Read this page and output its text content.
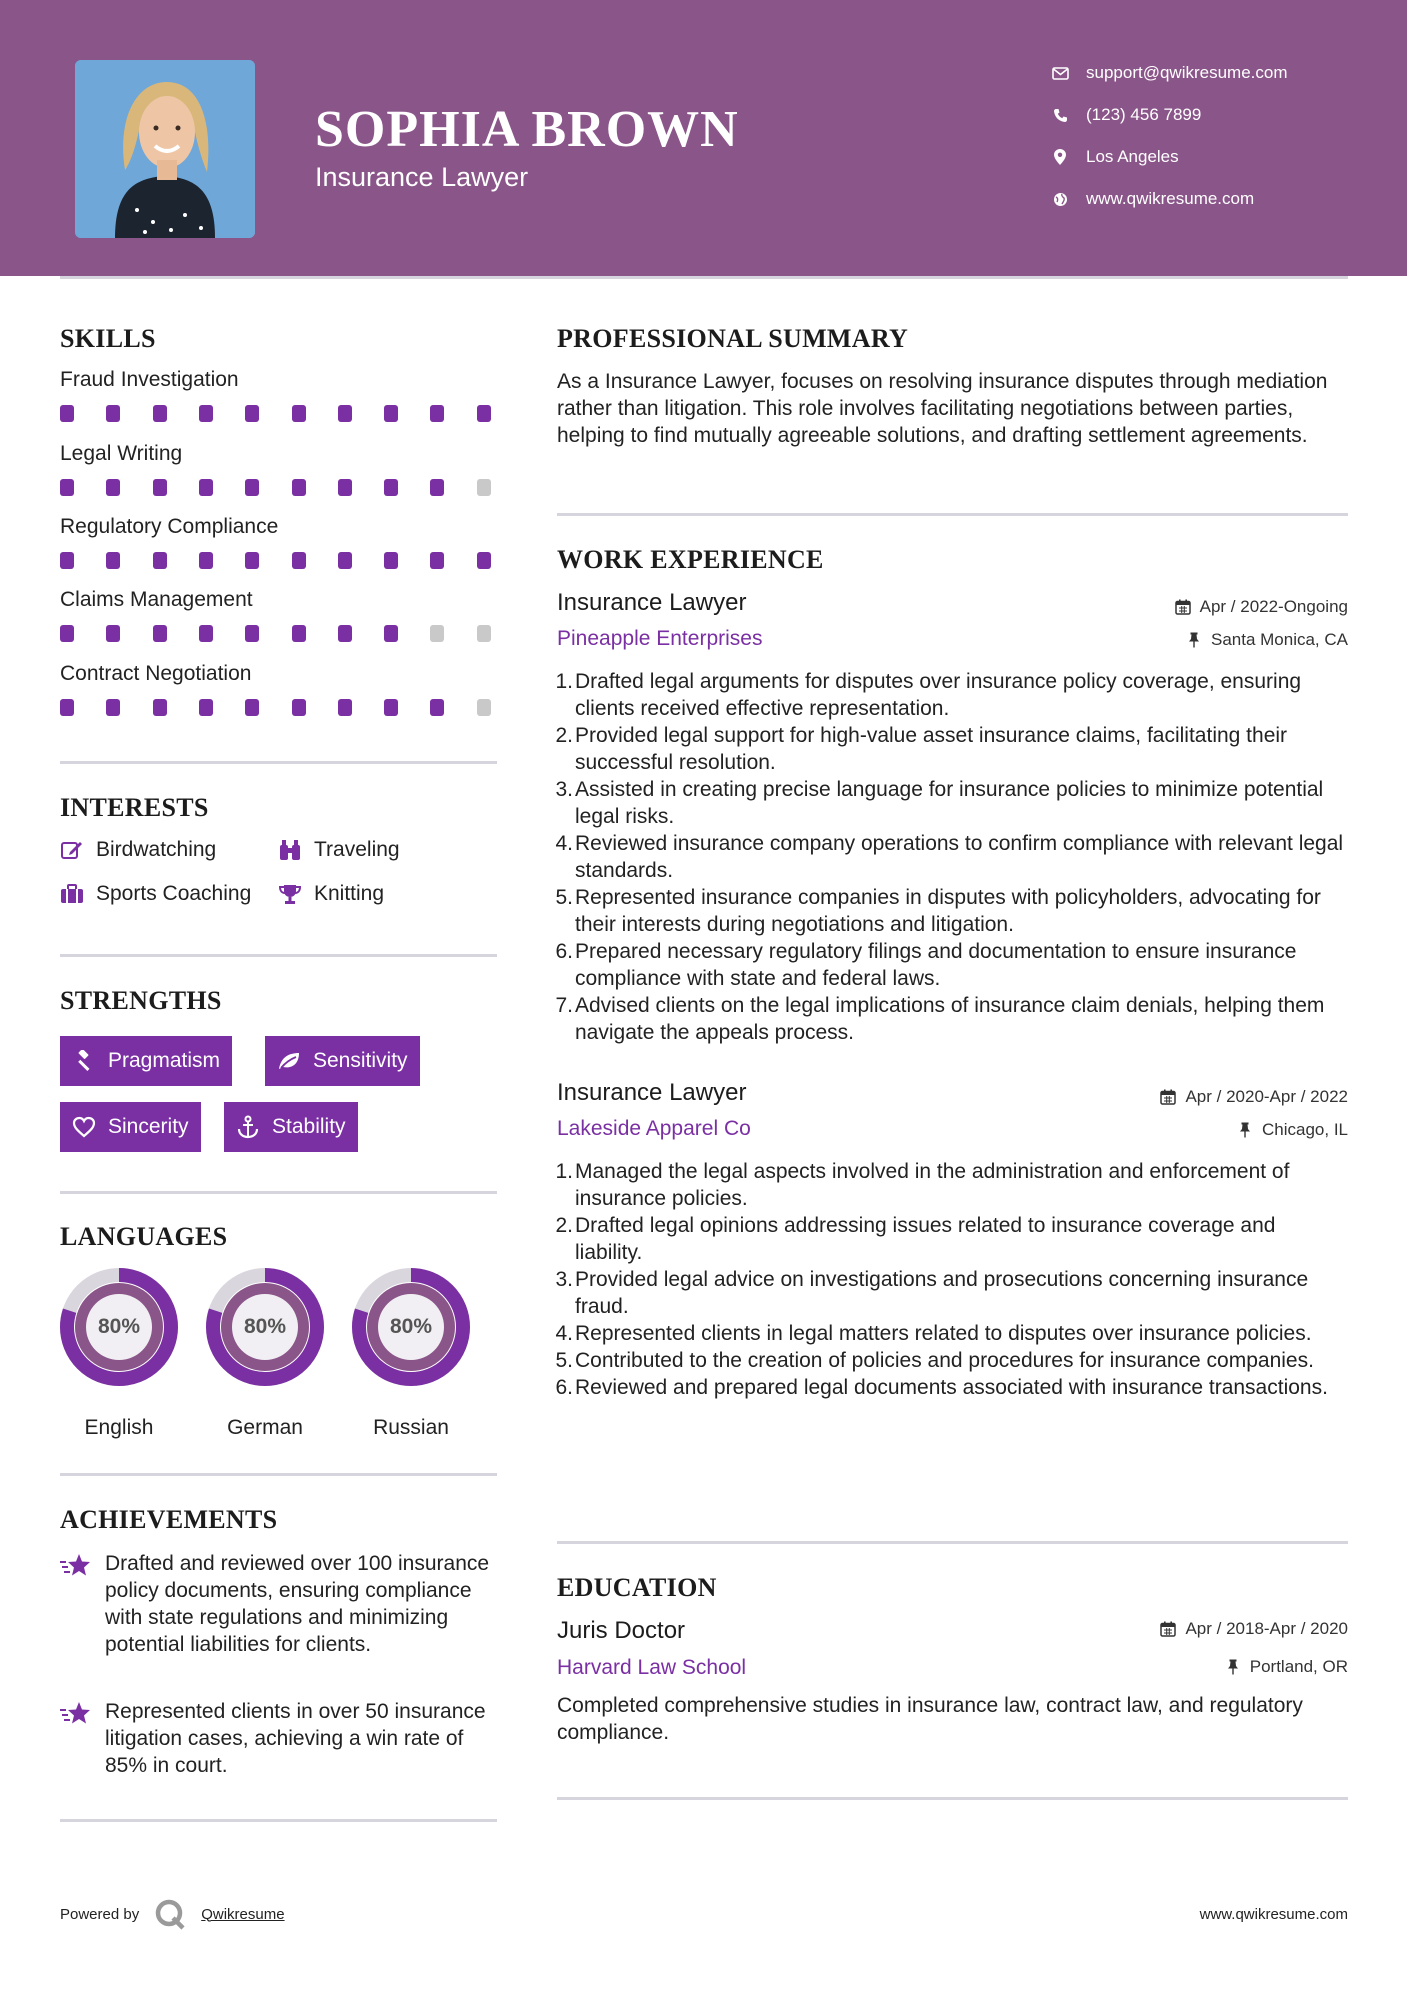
SOPHIA BROWN
Insurance Lawyer
support@qwikresume.com
(123) 456 7899
Los Angeles
www.qwikresume.com
SKILLS
Fraud Investigation
Legal Writing
Regulatory Compliance
Claims Management
Contract Negotiation
INTERESTS
Birdwatching	Traveling
Sports Coaching	Knitting
STRENGTHS
Pragmatism	Sensitivity
Sincerity	Stability
LANGUAGES
80%
English
80%
German
80%
Russian
ACHIEVEMENTS
Drafted and reviewed over 100 insurance policy documents, ensuring compliance with state regulations and minimizing potential liabilities for clients.
Represented clients in over 50 insurance litigation cases, achieving a win rate of 85% in court.
PROFESSIONAL SUMMARY
As a Insurance Lawyer, focuses on resolving insurance disputes through mediation rather than litigation. This role involves facilitating negotiations between parties, helping to find mutually agreeable solutions, and drafting settlement agreements.
WORK EXPERIENCE
Insurance Lawyer	Apr / 2022-Ongoing
Pineapple Enterprises	Santa Monica, CA
1. Drafted legal arguments for disputes over insurance policy coverage, ensuring clients received effective representation.
2. Provided legal support for high-value asset insurance claims, facilitating their successful resolution.
3. Assisted in creating precise language for insurance policies to minimize potential legal risks.
4. Reviewed insurance company operations to confirm compliance with relevant legal standards.
5. Represented insurance companies in disputes with policyholders, advocating for their interests during negotiations and litigation.
6. Prepared necessary regulatory filings and documentation to ensure insurance compliance with state and federal laws.
7. Advised clients on the legal implications of insurance claim denials, helping them navigate the appeals process.
Insurance Lawyer	Apr / 2020-Apr / 2022
Lakeside Apparel Co	Chicago, IL
1. Managed the legal aspects involved in the administration and enforcement of insurance policies.
2. Drafted legal opinions addressing issues related to insurance coverage and liability.
3. Provided legal advice on investigations and prosecutions concerning insurance fraud.
4. Represented clients in legal matters related to disputes over insurance policies.
5. Contributed to the creation of policies and procedures for insurance companies.
6. Reviewed and prepared legal documents associated with insurance transactions.
EDUCATION
Juris Doctor	Apr / 2018-Apr / 2020
Harvard Law School	Portland, OR
Completed comprehensive studies in insurance law, contract law, and regulatory compliance.
Powered by	Qwikresume	www.qwikresume.com
